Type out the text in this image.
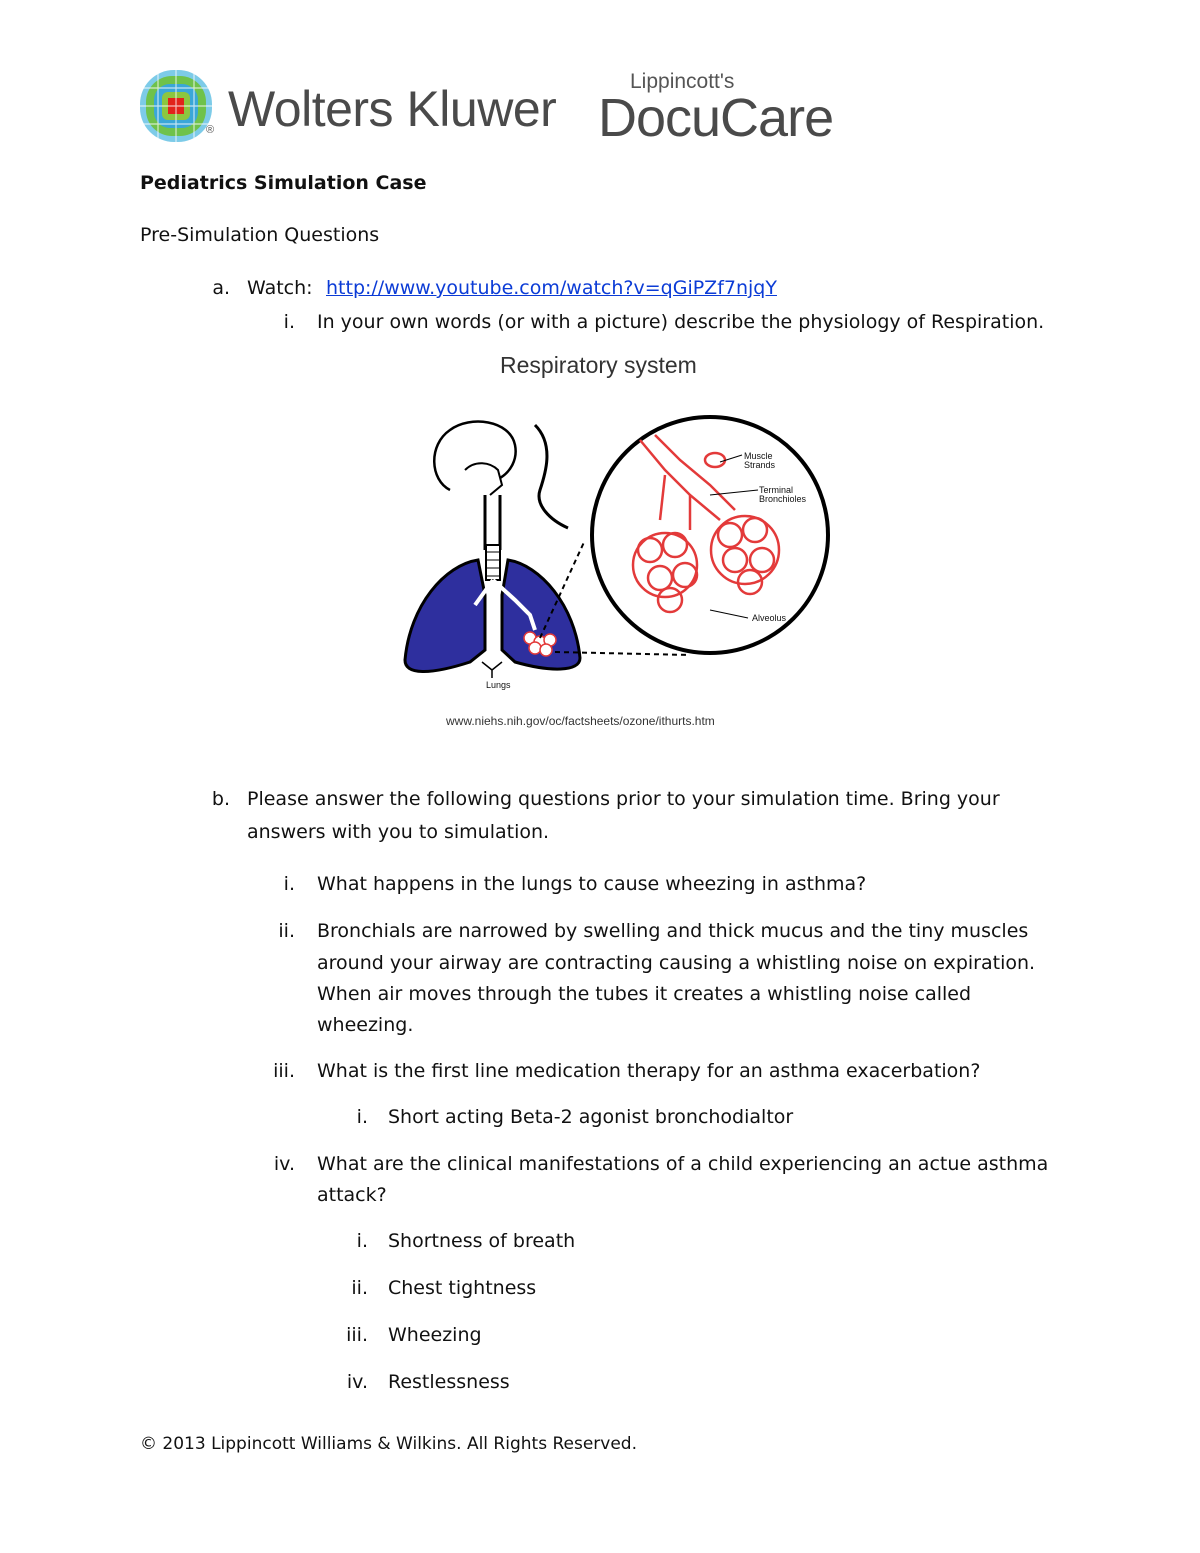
® Wolters Kluwer	Lippincott's
DocuCare
Pediatrics Simulation Case
Pre-Simulation Questions
a. Watch: http://www.youtube.com/watch?v=qGiPZf7njqY
i. In your own words (or with a picture) describe the physiology of Respiration.
Respiratory system
Muscle
Strands
Terminal
Bronchioles
Alveolus
Lungs
www.niehs.nih.gov/oc/factsheets/ozone/ithurts.htm
b. Please answer the following questions prior to your simulation time. Bring your
answers with you to simulation.
i. What happens in the lungs to cause wheezing in asthma?
ii. Bronchials are narrowed by swelling and thick mucus and the tiny muscles
around your airway are contracting causing a whistling noise on expiration.
When air moves through the tubes it creates a whistling noise called
wheezing.
iii. What is the first line medication therapy for an asthma exacerbation?
i. Short acting Beta-2 agonist bronchodialtor
iv. What are the clinical manifestations of a child experiencing an actue asthma
attack?
i. Shortness of breath
ii. Chest tightness
iii. Wheezing
iv. Restlessness
© 2013 Lippincott Williams & Wilkins. All Rights Reserved.
